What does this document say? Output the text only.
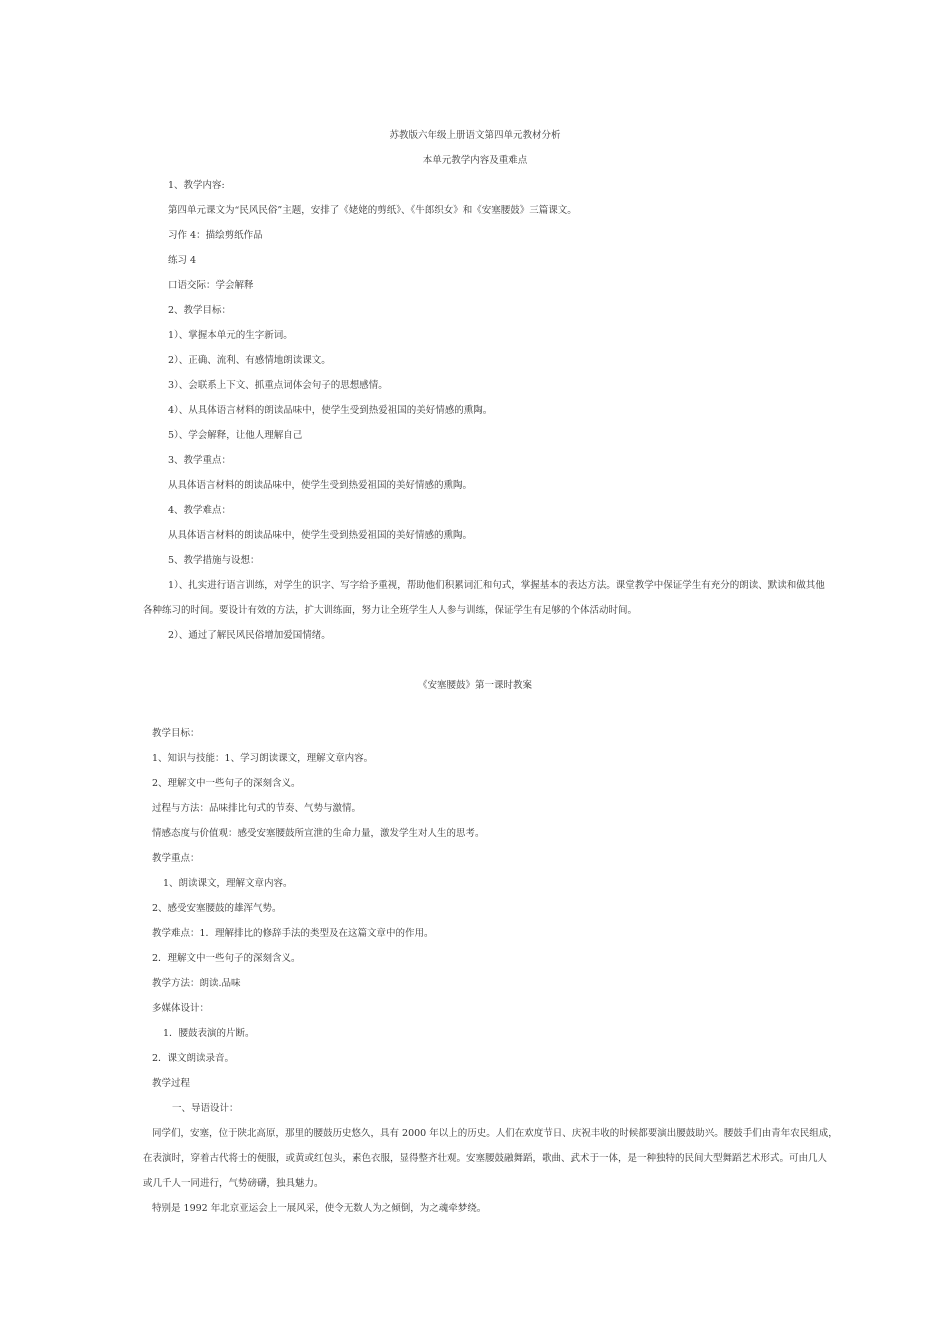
苏教版六年级上册语文第四单元教材分析
本单元教学内容及重难点
1、教学内容:
第四单元课文为“民风民俗”主题，安排了《姥姥的剪纸》、《牛郎织女》和《安塞腰鼓》三篇课文。
习作 4：描绘剪纸作品
练习 4
口语交际：学会解释
2、教学目标：
1）、掌握本单元的生字新词。
2）、正确、流利、有感情地朗读课文。
3）、会联系上下文、抓重点词体会句子的思想感情。
4）、从具体语言材料的朗读品味中，使学生受到热爱祖国的美好情感的熏陶。
5）、学会解释，让他人理解自己
3、教学重点：
从具体语言材料的朗读品味中，使学生受到热爱祖国的美好情感的熏陶。
4、教学难点：
从具体语言材料的朗读品味中，使学生受到热爱祖国的美好情感的熏陶。
5、教学措施与设想：
1）、扎实进行语言训练，对学生的识字、写字给予重视，帮助他们积累词汇和句式，掌握基本的表达方法。课堂教学中保证学生有充分的朗读、默读和做其他
各种练习的时间。要设计有效的方法，扩大训练面，努力让全班学生人人参与训练，保证学生有足够的个体活动时间。
2）、通过了解民风民俗增加爱国情绪。
《安塞腰鼓》第一课时教案
教学目标：
1、知识与技能：1、学习朗读课文，理解文章内容。
2、理解文中一些句子的深刻含义。
过程与方法：品味排比句式的节奏、气势与激情。
情感态度与价值观：感受安塞腰鼓所宣泄的生命力量，激发学生对人生的思考。
教学重点：
1、朗读课文，理解文章内容。
2、感受安塞腰鼓的雄浑气势。
教学难点：1．理解排比的修辞手法的类型及在这篇文章中的作用。
2．理解文中一些句子的深刻含义。
教学方法：朗读.品味
多媒体设计：
1．腰鼓表演的片断。
2．课文朗读录音。
教学过程
一、导语设计：
同学们，安塞，位于陕北高原，那里的腰鼓历史悠久，具有 2000 年以上的历史。人们在欢度节日、庆祝丰收的时候都要演出腰鼓助兴。腰鼓手们由青年农民组成，
在表演时，穿着古代将士的便服，或黄或红包头，素色衣服，显得整齐壮观。安塞腰鼓融舞蹈，歌曲、武术于一体，是一种独特的民间大型舞蹈艺术形式。可由几人
或几千人一同进行，气势磅礴，独具魅力。
特别是 1992 年北京亚运会上一展风采，使令无数人为之倾倒，为之魂牵梦绕。
